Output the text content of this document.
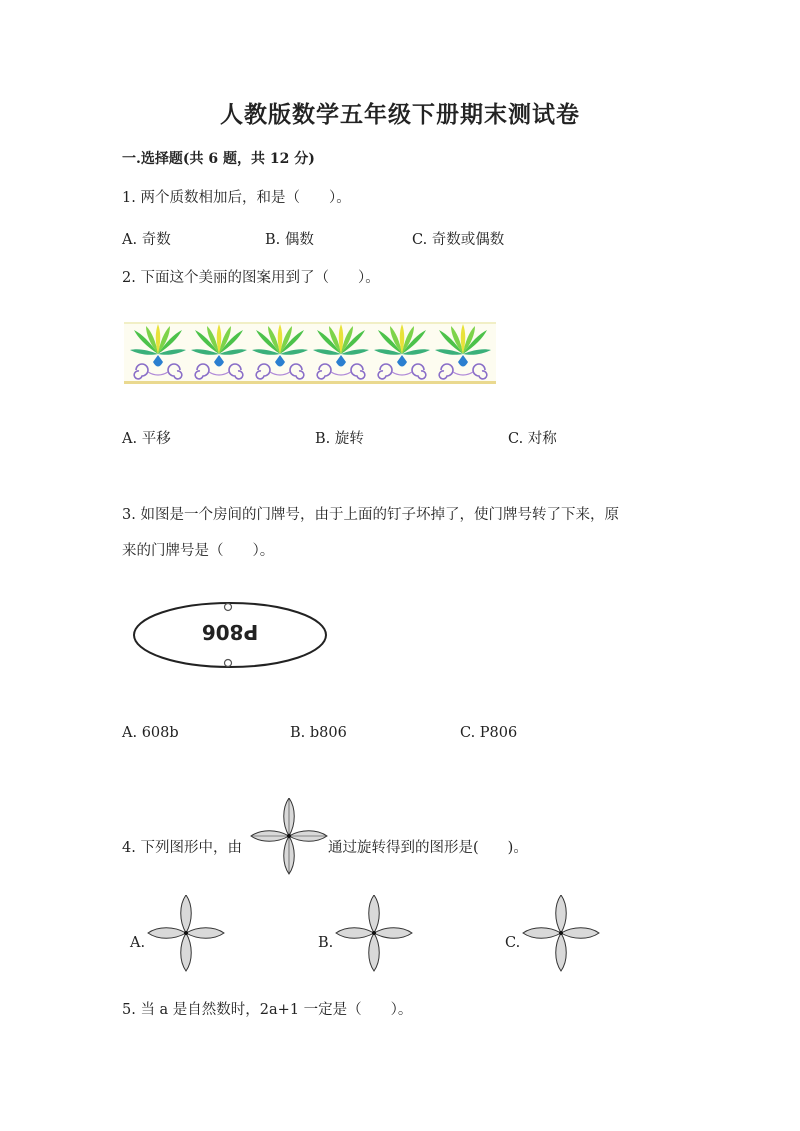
人教版数学五年级下册期末测试卷
一.选择题(共 6 题，共 12 分)
1. 两个质数相加后，和是（　　）。
A. 奇数	B. 偶数	C. 奇数或偶数
2. 下面这个美丽的图案用到了（　　）。
A. 平移	B. 旋转	C. 对称
3. 如图是一个房间的门牌号，由于上面的钉子坏掉了，使门牌号转了下来，原
来的门牌号是（　　）。
P806
A. 608b	B. b806	C. P806
4. 下列图形中，由	通过旋转得到的图形是(　　)。
A.	B.	C.
5. 当 a 是自然数时，2a+1 一定是（　　）。
